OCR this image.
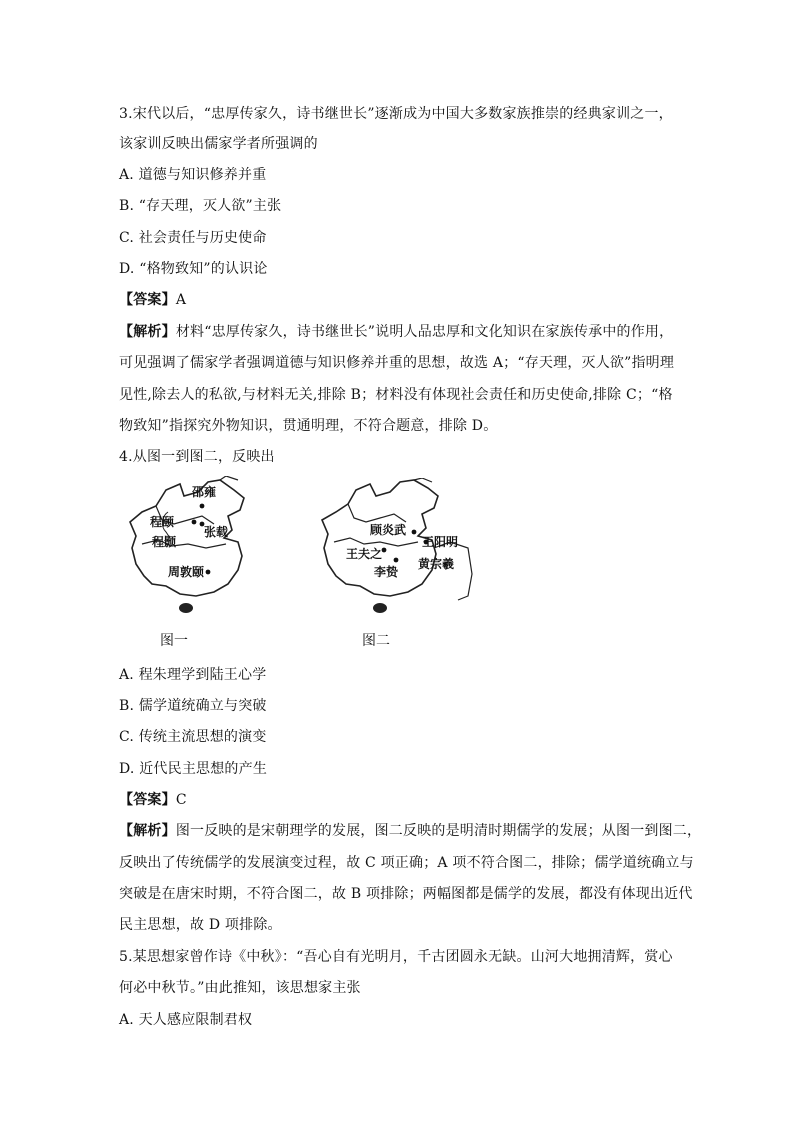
3.宋代以后，“忠厚传家久，诗书继世长”逐渐成为中国大多数家族推崇的经典家训之一，
该家训反映出儒家学者所强调的
A. 道德与知识修养并重
B. “存天理，灭人欲”主张
C. 社会责任与历史使命
D. “格物致知”的认识论
【答案】A
【解析】材料“忠厚传家久，诗书继世长”说明人品忠厚和文化知识在家族传承中的作用，
可见强调了儒家学者强调道德与知识修养并重的思想，故选 A；“存天理，灭人欲”指明理
见性,除去人的私欲,与材料无关,排除 B；材料没有体现社会责任和历史使命,排除 C；“格
物致知”指探究外物知识，贯通明理，不符合题意，排除 D。
4.从图一到图二，反映出
邵雍
程颐
张载
程颢
周敦颐
图一
顾炎武
王阳明
王夫之
李贽
黄宗羲
图二
A. 程朱理学到陆王心学
B. 儒学道统确立与突破
C. 传统主流思想的演变
D. 近代民主思想的产生
【答案】C
【解析】图一反映的是宋朝理学的发展，图二反映的是明清时期儒学的发展；从图一到图二，
反映出了传统儒学的发展演变过程，故 C 项正确；A 项不符合图二，排除；儒学道统确立与
突破是在唐宋时期，不符合图二，故 B 项排除；两幅图都是儒学的发展，都没有体现出近代
民主思想，故 D 项排除。
5.某思想家曾作诗《中秋》：“吾心自有光明月，千古团圆永无缺。山河大地拥清辉，赏心
何必中秋节。”由此推知，该思想家主张
A. 天人感应限制君权
